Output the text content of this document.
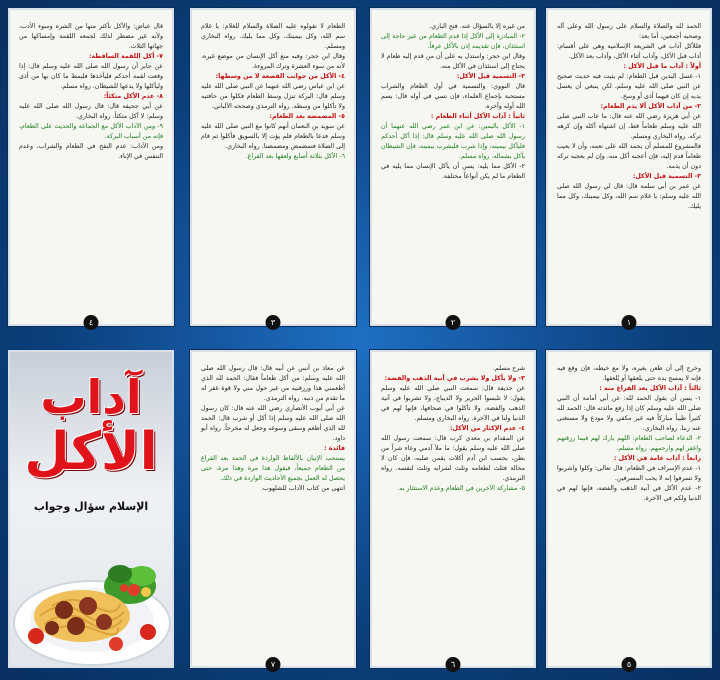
الحمد لله والصلاة والسلام على رسول الله وعلى آله وصحبه أجمعين، أما بعد:
فللأكل آداب في الشريعة الإسلامية وهي على أقسام: آداب قبل الأكل، وآداب أثناء الأكل، وآداب بعد الأكل.
أولاً : آداب ما قبل الأكل :
١- غسل اليدين قبل الطعام: لم يثبت فيه حديث صحيح عن النبي صلى الله عليه وسلم، لكن ينبغي أن يغسل يديه إن كان فيهما أذى أو وسخ.
٢- من آداب الأكل ألا يذم الطعام:
عن أبي هريرة رضي الله عنه قال: ما عاب النبي صلى الله عليه وسلم طعاماً قط، إن اشتهاه أكله وإن كرهه تركه. رواه البخاري ومسلم.
فالمشروع للمسلم أن يحمد الله على نعمه، وأن لا يعيب طعاماً قدم إليه، فإن أعجبه أكل منه، وإن لم يعجبه تركه دون أن يذمه.
٣- التسمية قبل الأكل:
عن عمر بن أبي سلمة قال: قال لي رسول الله صلى الله عليه وسلم: يا غلام سم الله، وكل بيمينك، وكل مما يليك.
من غيره إلا بالسؤال عنه. فتح الباري.
٢- المبادرة إلى الأكل إذا قدم الطعام من غير حاجة إلى استئذان، فإن تقديمه إذن بالأكل عرفاً.
وقال ابن حجر: واستدل به على أن من قدم إليه طعام لا يحتاج إلى استئذان في الأكل منه.
٣- التسمية قبل الأكل:
قال النووي: والتسمية في أول الطعام والشراب مستحبة بإجماع العلماء، فإن نسي في أوله قال: بسم الله أوله وآخره.
ثانياً : آداب الأكل أثناء الطعام :
١- الأكل باليمين: عن ابن عمر رضي الله عنهما أن رسول الله صلى الله عليه وسلم قال: إذا أكل أحدكم فليأكل بيمينه، وإذا شرب فليشرب بيمينه، فإن الشيطان يأكل بشماله. رواه مسلم.
٢- الأكل مما يليه: يسن أن يأكل الإنسان مما يليه في الطعام ما لم يكن أنواعاً مختلفة.
الطعام لا تقولوه عليه الصلاة والسلام للغلام: يا غلام سم الله، وكل بيمينك، وكل مما يليك. رواه البخاري ومسلم.
وقال ابن حجر: وفيه منع أكل الإنسان من موضع غيره، لأنه من سوء العشرة وترك المروءة.
٤- الأكل من جوانب القصعة لا من وسطها:
عن ابن عباس رضي الله عنهما عن النبي صلى الله عليه وسلم قال: البركة تنزل وسط الطعام فكلوا من حافتيه ولا تأكلوا من وسطه. رواه الترمذي وصححه الألباني.
٥- المضمضة بعد الطعام:
عن سويد بن النعمان أنهم كانوا مع النبي صلى الله عليه وسلم فدعا بالطعام فلم يؤت إلا بالسويق فأكلوا ثم قام إلى الصلاة فتمضمض ومضمضنا. رواه البخاري.
٦- الأكل بثلاثة أصابع ولعقها بعد الفراغ.
قال عياض: والأكل بأكثر منها من الشره وسوء الأدب، ولأنه غير مضطر لذلك لجمعه اللقمة وإمساكها من جهاتها الثلاث.
٧- أكل اللقمة الساقطة:
عن جابر أن رسول الله صلى الله عليه وسلم قال: إذا وقعت لقمة أحدكم فليأخذها فليمط ما كان بها من أذى وليأكلها ولا يدعها للشيطان. رواه مسلم.
٨- عدم الأكل متكئاً:
عن أبي جحيفة قال: قال رسول الله صلى الله عليه وسلم: لا آكل متكئاً. رواه البخاري.
٩- ومن الآداب الأكل مع الجماعة والحديث على الطعام، فإنه من أسباب البركة.
ومن الأداب: عدم النفخ في الطعام والشراب، وعدم التنفس في الإناء.
وخرج إلى أن طعن بغيره، ولا مع خيطه، فإن وقع فيه فإنه لا يمسح يده حتى يلعقها أو يُلعقها.
ثالثاً : آداب الأكل بعد الفراغ منه :
١- يسن أن يقول الحمد لله: عن أبي أمامة أن النبي صلى الله عليه وسلم كان إذا رفع مائدته قال: الحمد لله كثيراً طيباً مباركاً فيه غير مكفي ولا مودع ولا مستغنى عنه ربنا. رواه البخاري.
٢- الدعاء لصاحب الطعام: اللهم بارك لهم فيما رزقتهم واغفر لهم وارحمهم. رواه مسلم.
رابعاً : آداب عامة في الأكل :
١- عدم الإسراف في الطعام: قال تعالى: وكلوا واشربوا ولا تسرفوا إنه لا يحب المسرفين.
٢- عدم الأكل في آنية الذهب والفضة، فإنها لهم في الدنيا ولكم في الآخرة.
شرح مسلم.
٣- ولا يأكل ولا يشرب في آنية الذهب والفضة:
عن حذيفة قال: سمعت النبي صلى الله عليه وسلم يقول: لا تلبسوا الحرير ولا الديباج، ولا تشربوا في آنية الذهب والفضة، ولا تأكلوا في صحافها، فإنها لهم في الدنيا ولنا في الآخرة. رواه البخاري ومسلم.
٤- عدم الإكثار من الأكل:
عن المقدام بن معدي كرب قال: سمعت رسول الله صلى الله عليه وسلم يقول: ما ملأ آدمي وعاء شراً من بطن، بحسب ابن آدم أكلات يقمن صلبه، فإن كان لا محالة فثلث لطعامه وثلث لشرابه وثلث لنفسه. رواه الترمذي.
٥- مشاركة الآخرين في الطعام وعدم الاستئثار به.
عن معاذ بن أنس عن أبيه قال: قال رسول الله صلى الله عليه وسلم: من أكل طعاماً فقال: الحمد لله الذي أطعمني هذا ورزقنيه من غير حول مني ولا قوة غفر له ما تقدم من ذنبه. رواه الترمذي.
عن أبي أيوب الأنصاري رضي الله عنه قال: كان رسول الله صلى الله عليه وسلم إذا أكل أو شرب قال: الحمد لله الذي أطعم وسقى وسوغه وجعل له مخرجاً. رواه أبو داود.
فائدة :
يستحب الإتيان بالألفاظ الواردة في الحمد بعد الفراغ من الطعام جميعاً، فيقول هذا مرة وهذا مرة، حتى يحصل له العمل بجميع الأحاديث الواردة في ذلك.
انتهى من كتاب الآداب للشلهوب.
آداب
الأكل
الإسلام سؤال وجواب
١
٢
٣
٤
٥
٦
٧
